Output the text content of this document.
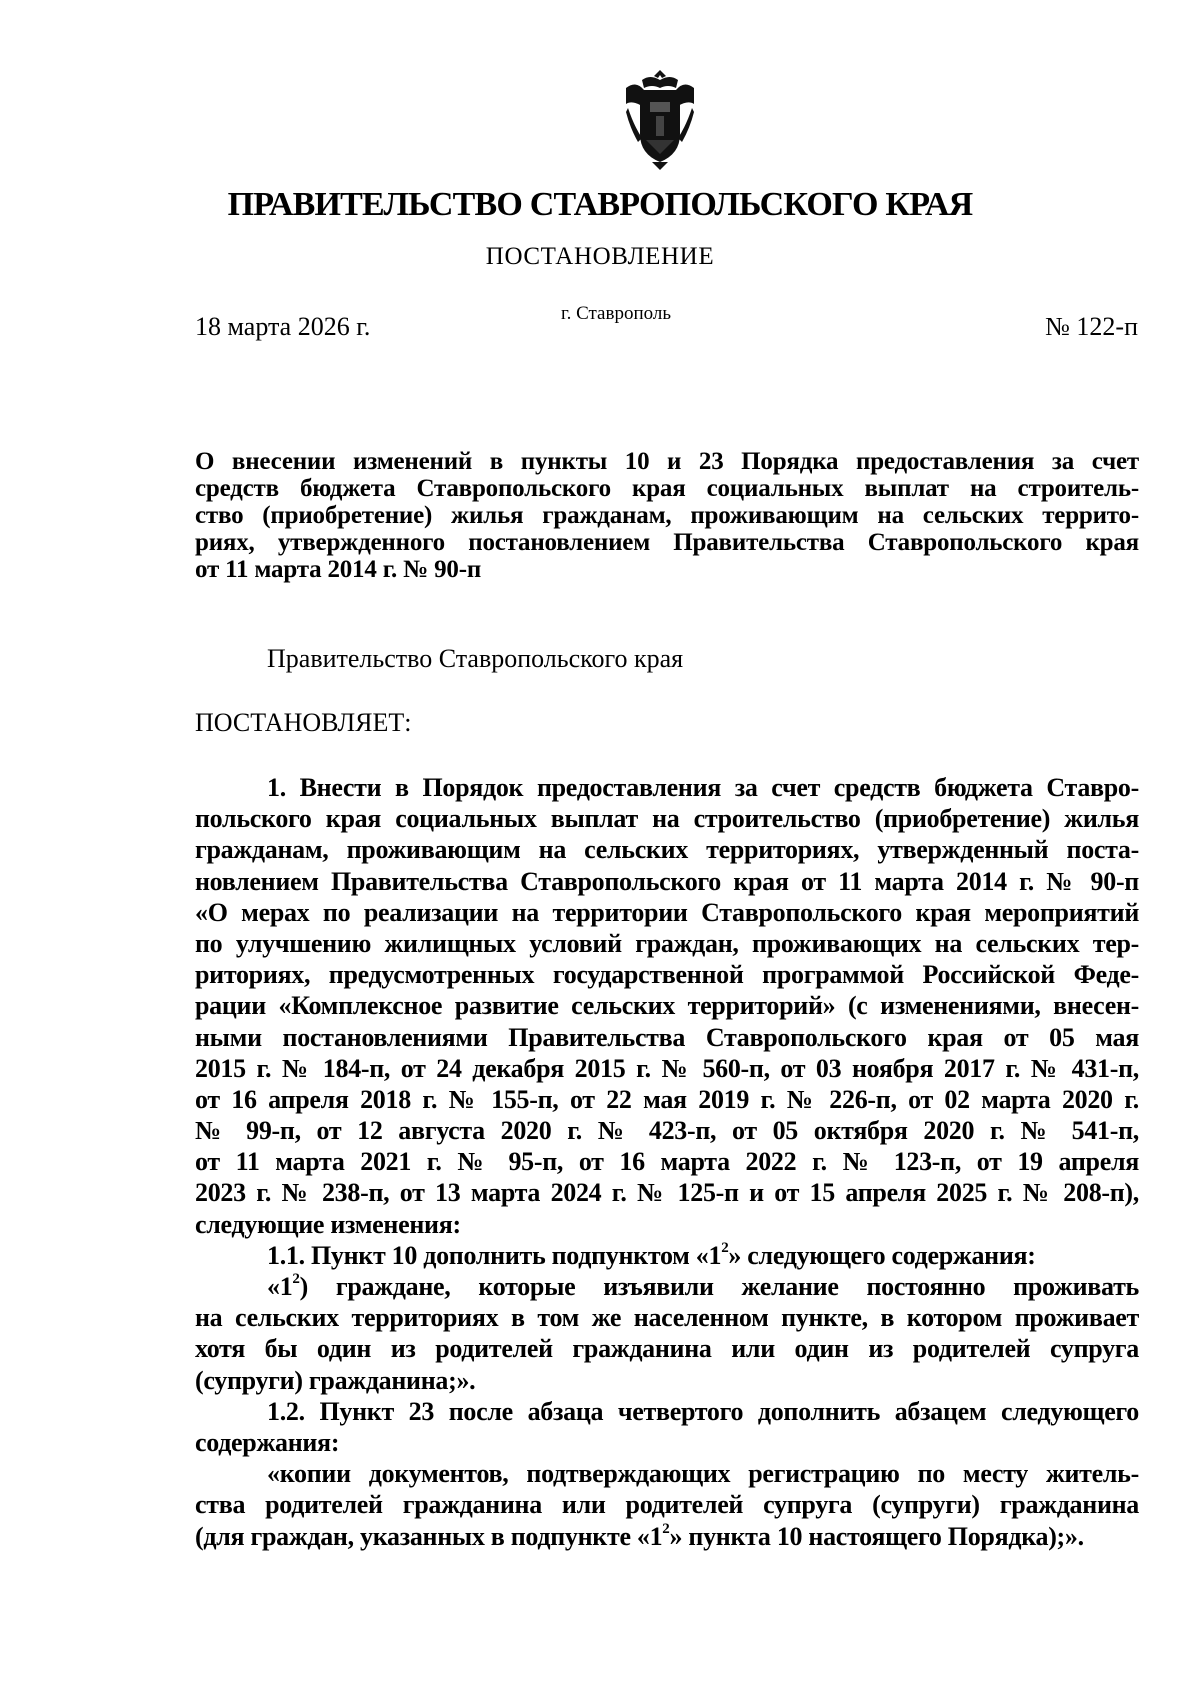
ПРАВИТЕЛЬСТВО СТАВРОПОЛЬСКОГО КРАЯ
ПОСТАНОВЛЕНИЕ
18 марта 2026 г.	г. Ставрополь	№ 122-п
О внесении изменений в пункты 10 и 23 Порядка предоставления за счет
средств бюджета Ставропольского края социальных выплат на строитель-
ство (приобретение) жилья гражданам, проживающим на сельских террито-
риях, утвержденного постановлением Правительства Ставропольского края
от 11 марта 2014 г. № 90-п
Правительство Ставропольского края
ПОСТАНОВЛЯЕТ:
1. Внести в Порядок предоставления за счет средств бюджета Ставро-
польского края социальных выплат на строительство (приобретение) жилья
гражданам, проживающим на сельских территориях, утвержденный поста-
новлением Правительства Ставропольского края от 11 марта 2014 г. № 90-п
«О мерах по реализации на территории Ставропольского края мероприятий
по улучшению жилищных условий граждан, проживающих на сельских тер-
риториях, предусмотренных государственной программой Российской Феде-
рации «Комплексное развитие сельских территорий» (с изменениями, внесен-
ными постановлениями Правительства Ставропольского края от 05 мая
2015 г. № 184-п, от 24 декабря 2015 г. № 560-п, от 03 ноября 2017 г. № 431-п,
от 16 апреля 2018 г. № 155-п, от 22 мая 2019 г. № 226-п, от 02 марта 2020 г.
№ 99-п, от 12 августа 2020 г. № 423-п, от 05 октября 2020 г. № 541-п,
от 11 марта 2021 г. № 95-п, от 16 марта 2022 г. № 123-п, от 19 апреля
2023 г. № 238-п, от 13 марта 2024 г. № 125-п и от 15 апреля 2025 г. № 208-п),
следующие изменения:
1.1. Пункт 10 дополнить подпунктом «$1^2$» следующего содержания:
«$1^2$) граждане, которые изъявили желание постоянно проживать
на сельских территориях в том же населенном пункте, в котором проживает
хотя бы один из родителей гражданина или один из родителей супруга
(супруги) гражданина;».
1.2. Пункт 23 после абзаца четвертого дополнить абзацем следующего
содержания:
«копии документов, подтверждающих регистрацию по месту житель-
ства родителей гражданина или родителей супруга (супруги) гражданина
(для граждан, указанных в подпункте «$1^2$» пункта 10 настоящего Порядка);».
